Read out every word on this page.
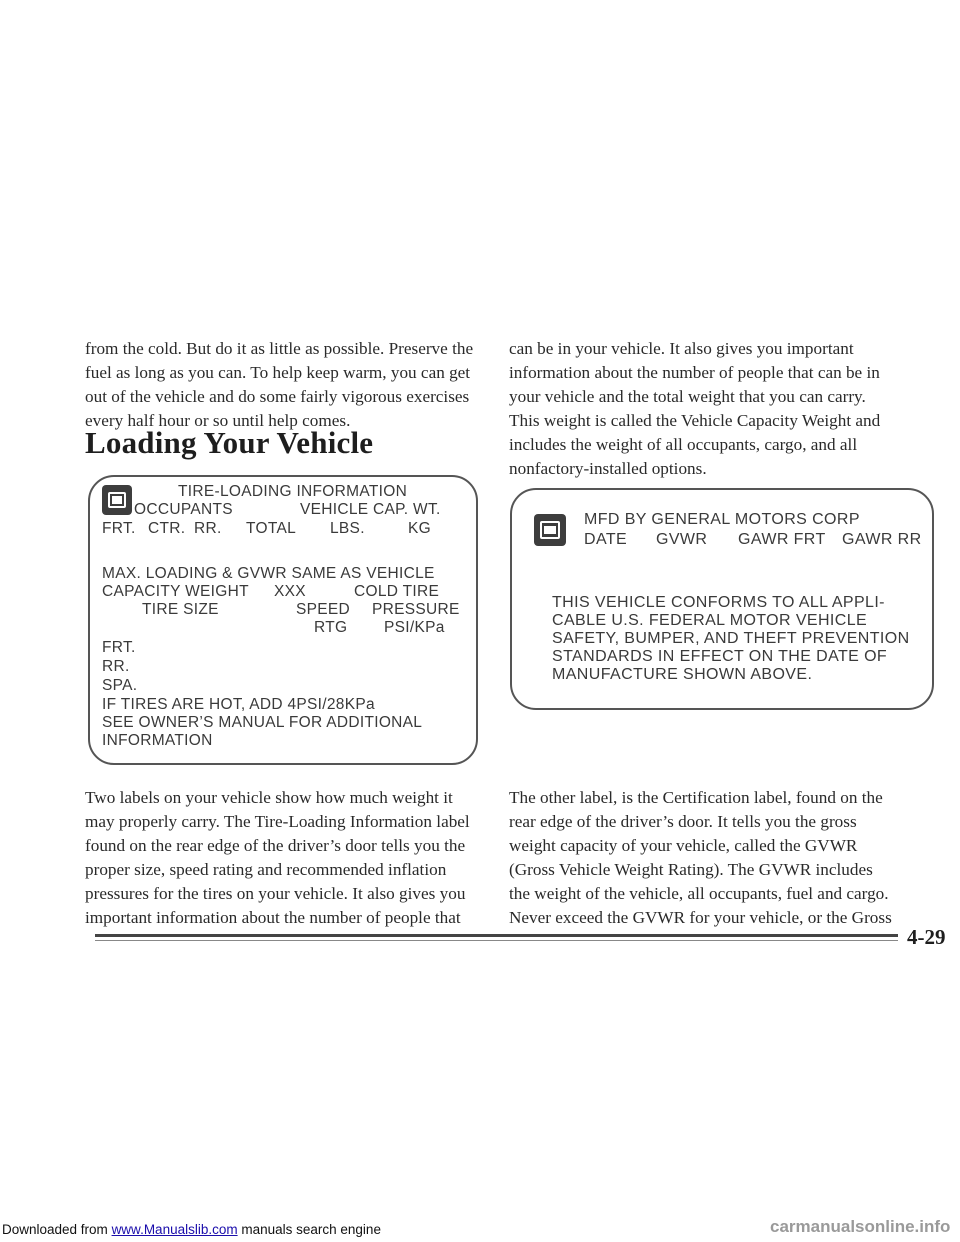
from the cold. But do it as little as possible. Preserve the
fuel as long as you can. To help keep warm, you can get
out of the vehicle and do some fairly vigorous exercises
every half hour or so until help comes.
Loading Your Vehicle
TIRE-LOADING INFORMATION
OCCUPANTS	VEHICLE CAP. WT.
FRT. CTR. RR. TOTAL LBS.	KG
MAX. LOADING & GVWR SAME AS VEHICLE
CAPACITY WEIGHT XXX	COLD TIRE
TIRE SIZE	SPEED PRESSURE
RTG PSI/KPa
FRT.
RR.
SPA.
IF TIRES ARE HOT, ADD 4PSI/28KPa
SEE OWNER’S MANUAL FOR ADDITIONAL
INFORMATION
Two labels on your vehicle show how much weight it
may properly carry. The Tire-Loading Information label
found on the rear edge of the driver’s door tells you the
proper size, speed rating and recommended inflation
pressures for the tires on your vehicle. It also gives you
important information about the number of people that
can be in your vehicle. It also gives you important
information about the number of people that can be in
your vehicle and the total weight that you can carry.
This weight is called the Vehicle Capacity Weight and
includes the weight of all occupants, cargo, and all
nonfactory-installed options.
MFD BY GENERAL MOTORS CORP
DATE GVWR GAWR FRT GAWR RR
THIS VEHICLE CONFORMS TO ALL APPLI-
CABLE U.S. FEDERAL MOTOR VEHICLE
SAFETY, BUMPER, AND THEFT PREVENTION
STANDARDS IN EFFECT ON THE DATE OF
MANUFACTURE SHOWN ABOVE.
The other label, is the Certification label, found on the
rear edge of the driver’s door. It tells you the gross
weight capacity of your vehicle, called the GVWR
(Gross Vehicle Weight Rating). The GVWR includes
the weight of the vehicle, all occupants, fuel and cargo.
Never exceed the GVWR for your vehicle, or the Gross
4-29
Downloaded from www.Manualslib.com manuals search engine	carmanualsonline.info
